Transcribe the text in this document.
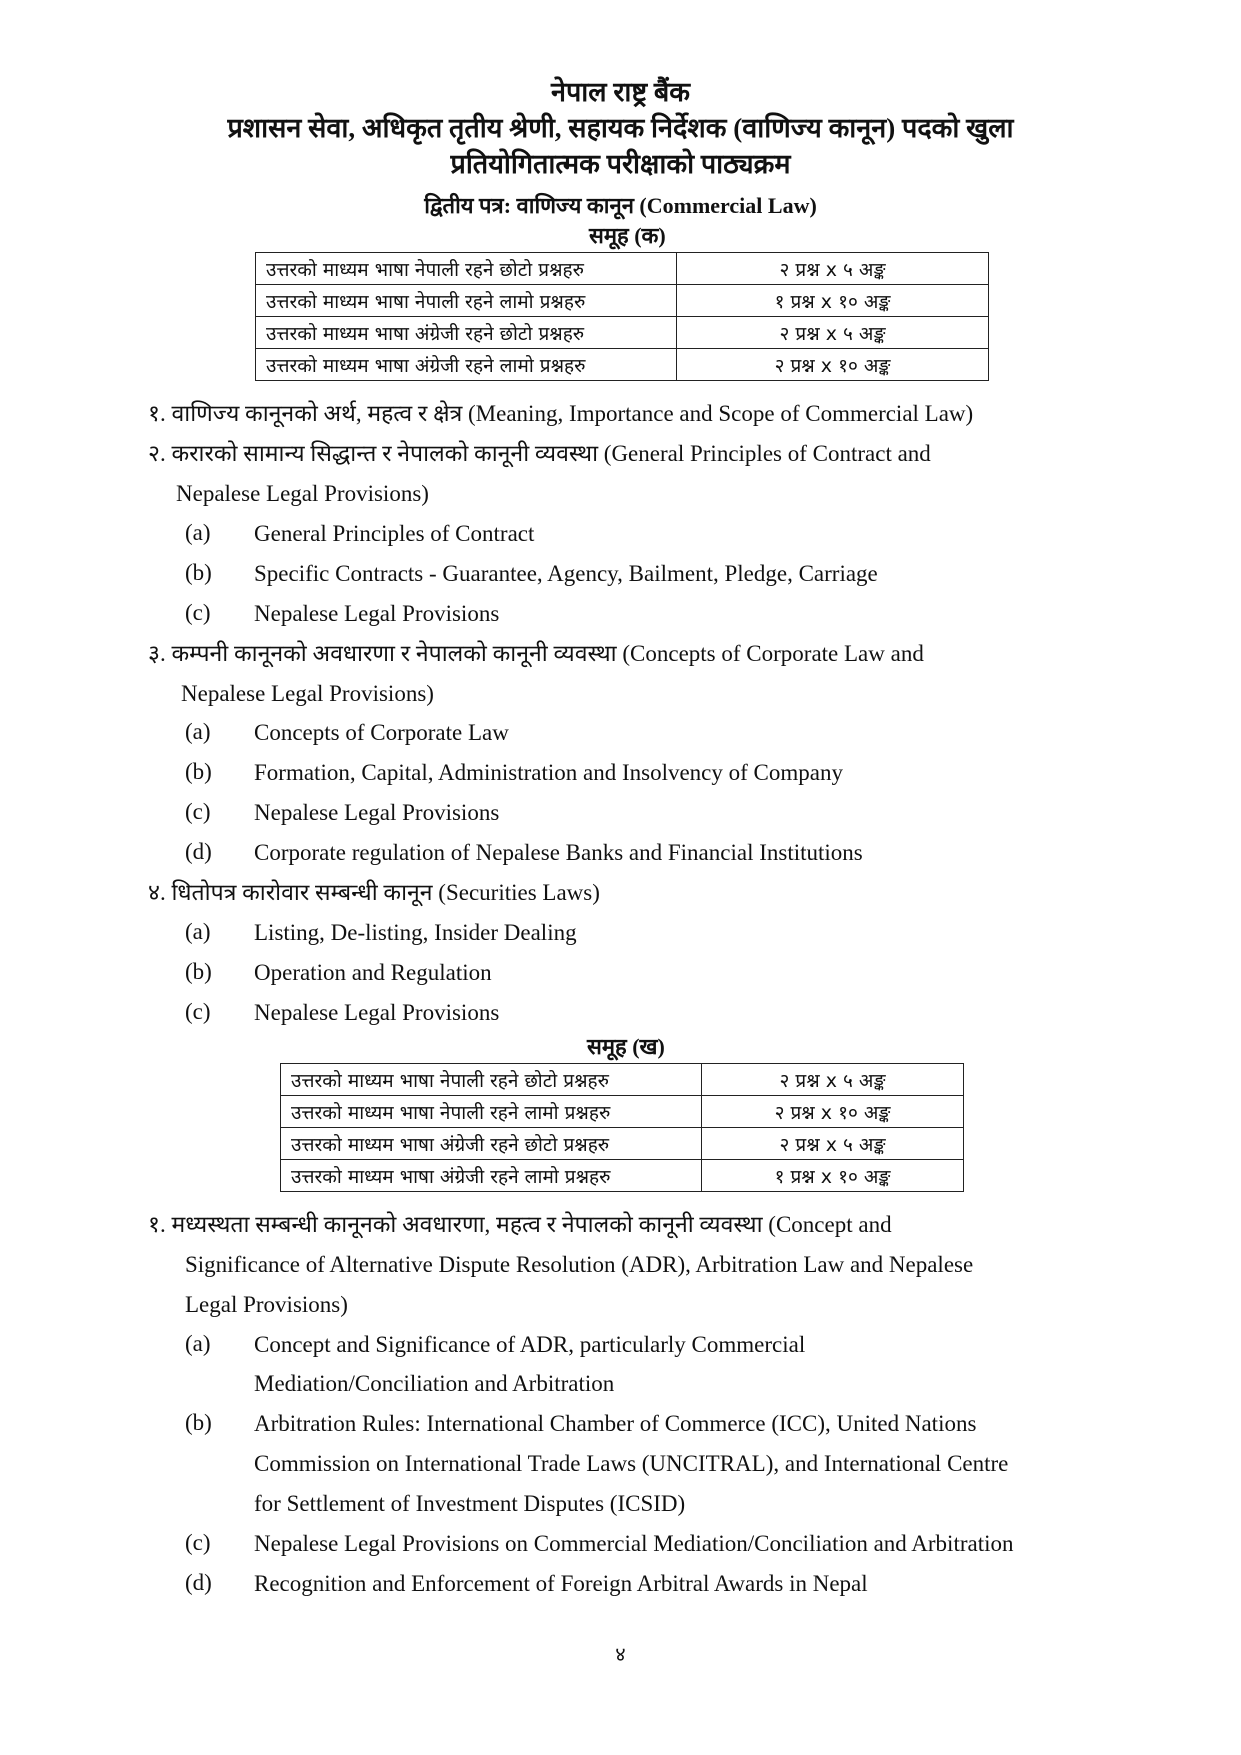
नेपाल राष्ट्र बैंक
प्रशासन सेवा, अधिकृत तृतीय श्रेणी, सहायक निर्देशक (वाणिज्य कानून) पदको खुला
प्रतियोगितात्मक परीक्षाको पाठ्यक्रम
द्वितीय पत्र: वाणिज्य कानून (Commercial Law)
समूह (क)
उत्तरको माध्यम भाषा नेपाली रहने छोटो प्रश्नहरु	२ प्रश्न x ५ अङ्क
उत्तरको माध्यम भाषा नेपाली रहने लामो प्रश्नहरु	१ प्रश्न x १० अङ्क
उत्तरको माध्यम भाषा अंग्रेजी रहने छोटो प्रश्नहरु	२ प्रश्न x ५ अङ्क
उत्तरको माध्यम भाषा अंग्रेजी रहने लामो प्रश्नहरु	२ प्रश्न x १० अङ्क
१. वाणिज्य कानूनको अर्थ, महत्व र क्षेत्र (Meaning, Importance and Scope of Commercial Law)
२. करारको सामान्य सिद्धान्त र नेपालको कानूनी व्यवस्था (General Principles of Contract and
Nepalese Legal Provisions)
(a) General Principles of Contract
(b) Specific Contracts - Guarantee, Agency, Bailment, Pledge, Carriage
(c) Nepalese Legal Provisions
३. कम्पनी कानूनको अवधारणा र नेपालको कानूनी व्यवस्था (Concepts of Corporate Law and
Nepalese Legal Provisions)
(a) Concepts of Corporate Law
(b) Formation, Capital, Administration and Insolvency of Company
(c) Nepalese Legal Provisions
(d) Corporate regulation of Nepalese Banks and Financial Institutions
४. धितोपत्र कारोवार सम्बन्धी कानून (Securities Laws)
(a) Listing, De-listing, Insider Dealing
(b) Operation and Regulation
(c) Nepalese Legal Provisions
समूह (ख)
उत्तरको माध्यम भाषा नेपाली रहने छोटो प्रश्नहरु	२ प्रश्न x ५ अङ्क
उत्तरको माध्यम भाषा नेपाली रहने लामो प्रश्नहरु	२ प्रश्न x १० अङ्क
उत्तरको माध्यम भाषा अंग्रेजी रहने छोटो प्रश्नहरु	२ प्रश्न x ५ अङ्क
उत्तरको माध्यम भाषा अंग्रेजी रहने लामो प्रश्नहरु	१ प्रश्न x १० अङ्क
१. मध्यस्थता सम्बन्धी कानूनको अवधारणा, महत्व र नेपालको कानूनी व्यवस्था (Concept and
Significance of Alternative Dispute Resolution (ADR), Arbitration Law and Nepalese
Legal Provisions)
(a) Concept and Significance of ADR, particularly Commercial
Mediation/Conciliation and Arbitration
(b) Arbitration Rules: International Chamber of Commerce (ICC), United Nations
Commission on International Trade Laws (UNCITRAL), and International Centre
for Settlement of Investment Disputes (ICSID)
(c) Nepalese Legal Provisions on Commercial Mediation/Conciliation and Arbitration
(d) Recognition and Enforcement of Foreign Arbitral Awards in Nepal
४
